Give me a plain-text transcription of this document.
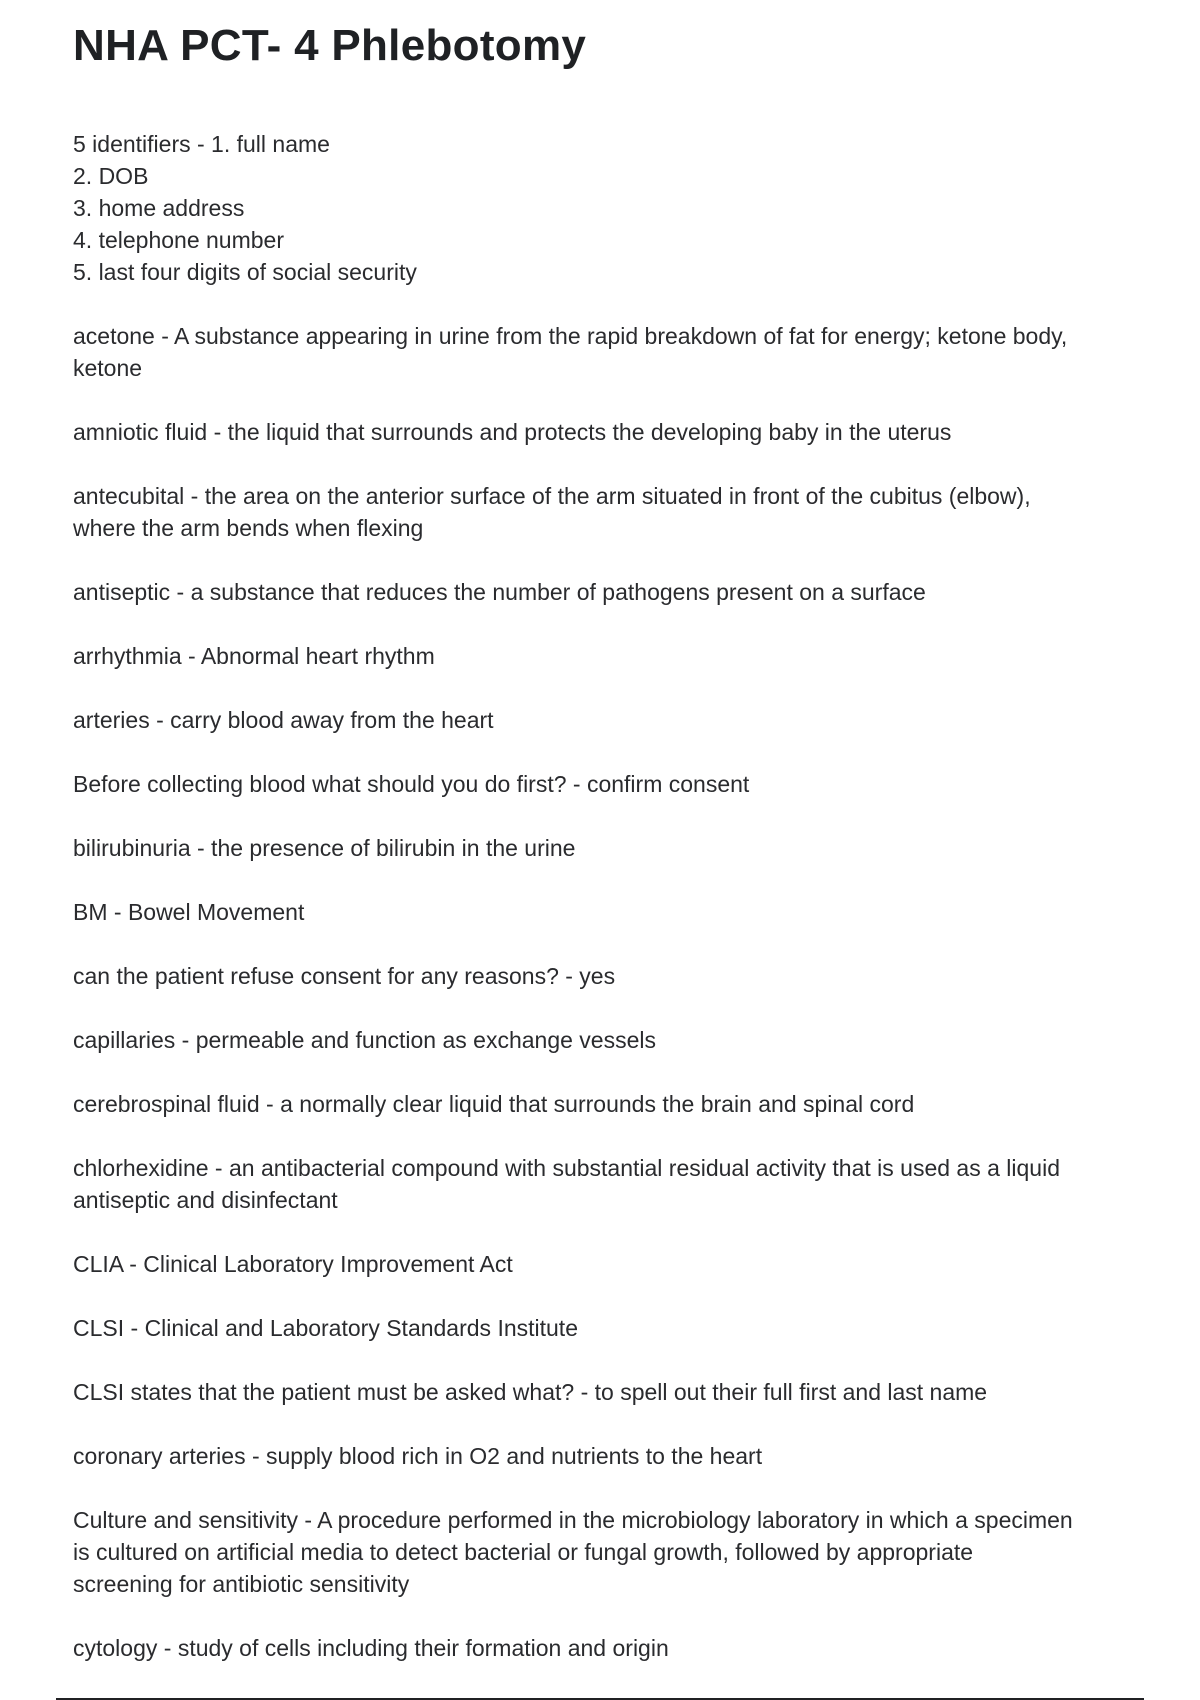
NHA PCT- 4 Phlebotomy

5 identifiers - 1. full name
2. DOB
3. home address
4. telephone number
5. last four digits of social security

acetone - A substance appearing in urine from the rapid breakdown of fat for energy; ketone body,
ketone

amniotic fluid - the liquid that surrounds and protects the developing baby in the uterus

antecubital - the area on the anterior surface of the arm situated in front of the cubitus (elbow),
where the arm bends when flexing

antiseptic - a substance that reduces the number of pathogens present on a surface

arrhythmia - Abnormal heart rhythm

arteries - carry blood away from the heart

Before collecting blood what should you do first? - confirm consent

bilirubinuria - the presence of bilirubin in the urine

BM - Bowel Movement

can the patient refuse consent for any reasons? - yes

capillaries - permeable and function as exchange vessels

cerebrospinal fluid - a normally clear liquid that surrounds the brain and spinal cord

chlorhexidine - an antibacterial compound with substantial residual activity that is used as a liquid
antiseptic and disinfectant

CLIA - Clinical Laboratory Improvement Act

CLSI - Clinical and Laboratory Standards Institute

CLSI states that the patient must be asked what? - to spell out their full first and last name

coronary arteries - supply blood rich in O2 and nutrients to the heart

Culture and sensitivity - A procedure performed in the microbiology laboratory in which a specimen
is cultured on artificial media to detect bacterial or fungal growth, followed by appropriate
screening for antibiotic sensitivity

cytology - study of cells including their formation and origin
